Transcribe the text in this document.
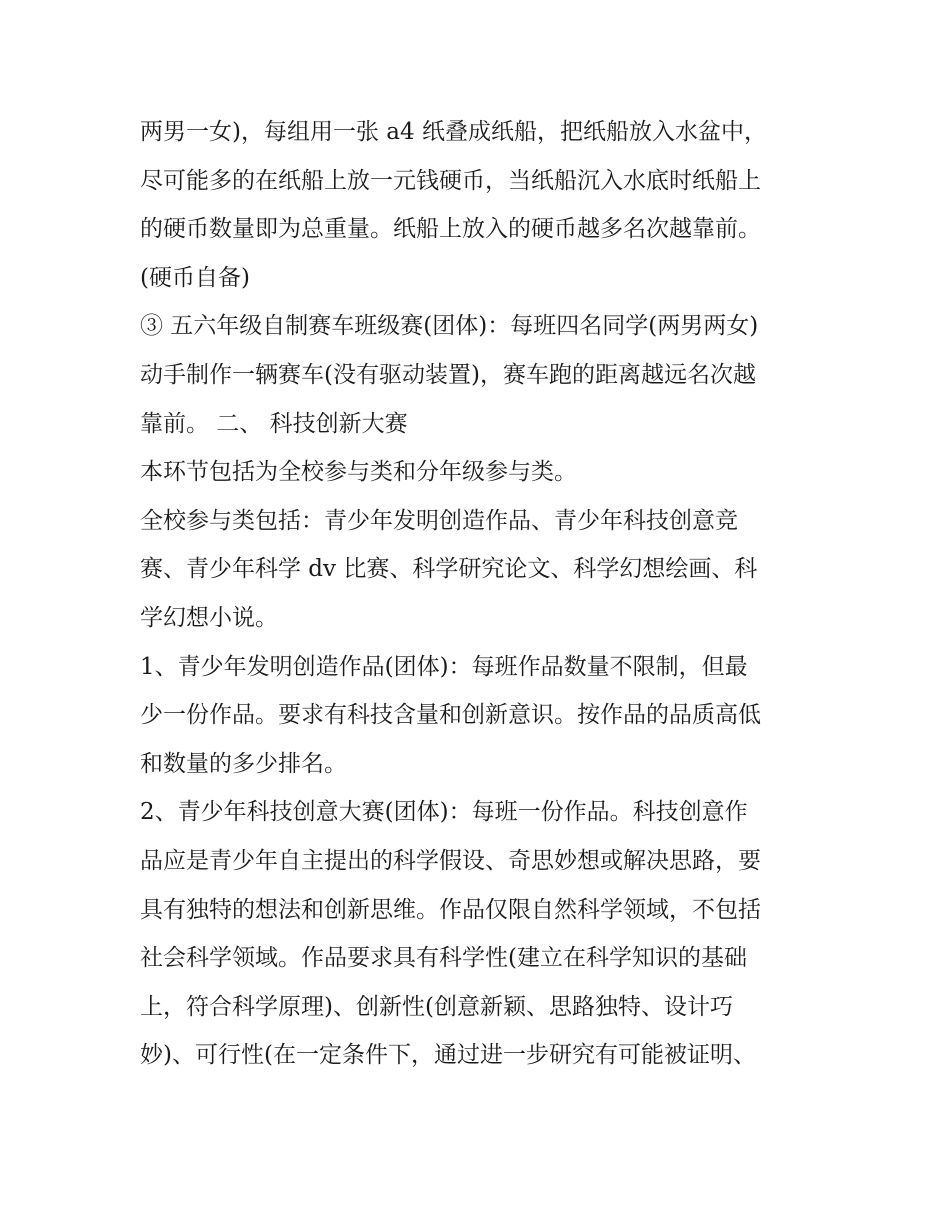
两男一女)，每组用一张 a4 纸叠成纸船，把纸船放入水盆中，
尽可能多的在纸船上放一元钱硬币，当纸船沉入水底时纸船上
的硬币数量即为总重量。纸船上放入的硬币越多名次越靠前。
(硬币自备)
③ 五六年级自制赛车班级赛(团体)：每班四名同学(两男两女)
动手制作一辆赛车(没有驱动装置)，赛车跑的距离越远名次越
靠前。 二、 科技创新大赛
本环节包括为全校参与类和分年级参与类。
全校参与类包括：青少年发明创造作品、青少年科技创意竞
赛、青少年科学 dv 比赛、科学研究论文、科学幻想绘画、科
学幻想小说。
1、青少年发明创造作品(团体)：每班作品数量不限制，但最
少一份作品。要求有科技含量和创新意识。按作品的品质高低
和数量的多少排名。
2、青少年科技创意大赛(团体)：每班一份作品。科技创意作
品应是青少年自主提出的科学假设、奇思妙想或解决思路，要
具有独特的想法和创新思维。作品仅限自然科学领域，不包括
社会科学领域。作品要求具有科学性(建立在科学知识的基础
上，符合科学原理)、创新性(创意新颖、思路独特、设计巧
妙)、可行性(在一定条件下，通过进一步研究有可能被证明、
